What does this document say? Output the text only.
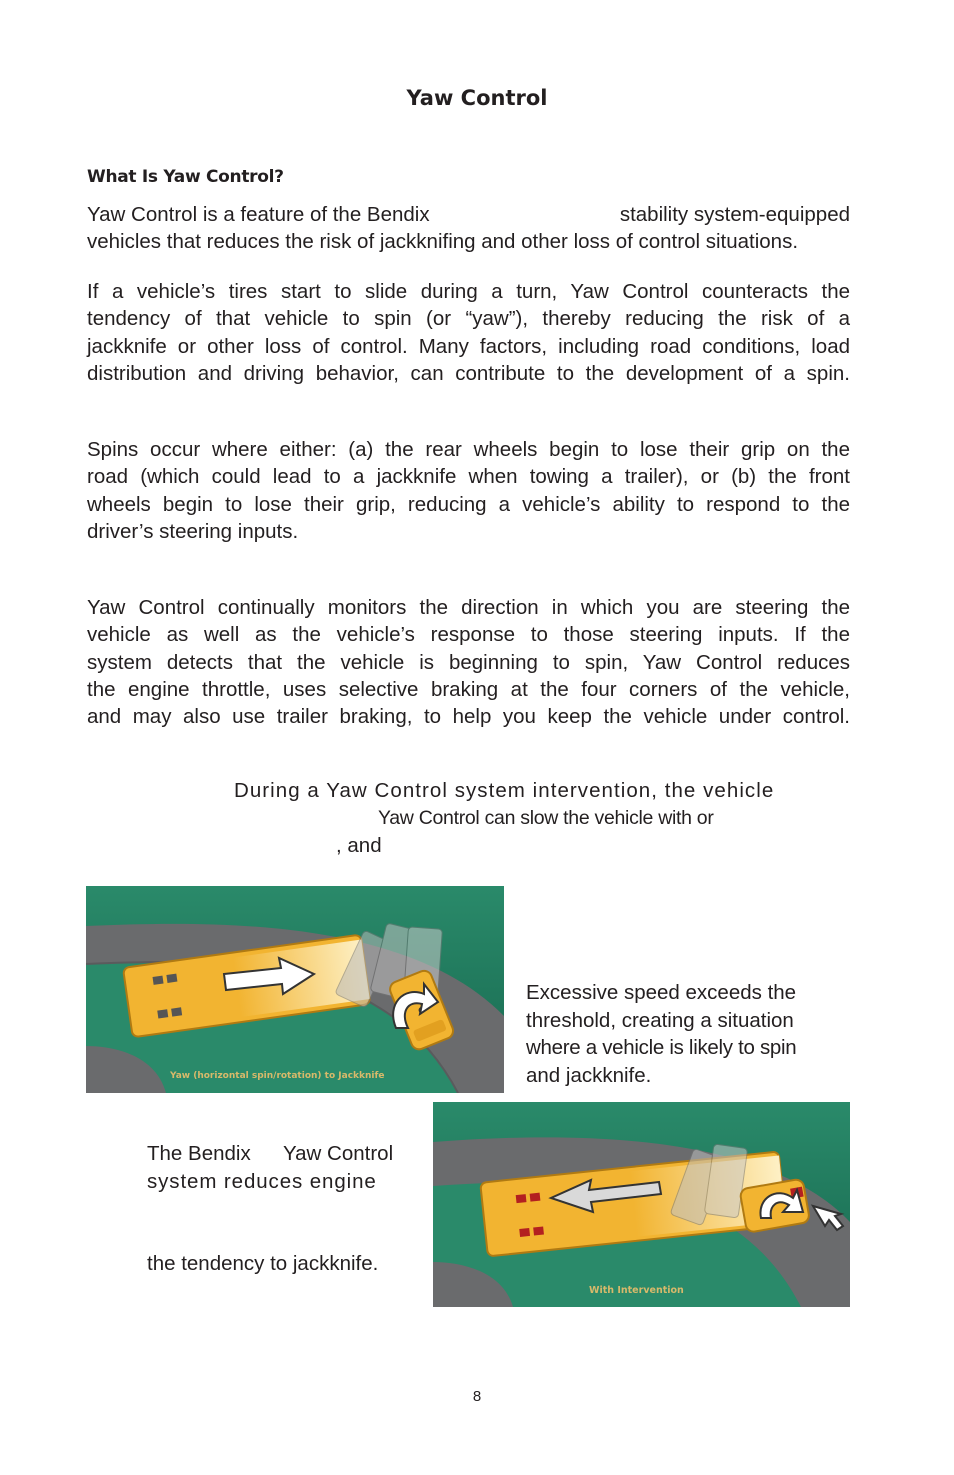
Yaw Control
What Is Yaw Control?
Yaw Control is a feature of the Bendix	stability system-equipped
vehicles that reduces the risk of jackknifing and other loss of control situations.
If a vehicle’s tires start to slide during a turn, Yaw Control counteracts the
tendency of that vehicle to spin (or “yaw”), thereby reducing the risk of a
jackknife or other loss of control. Many factors, including road conditions, load
distribution and driving behavior, can contribute to the development of a spin.
Spins occur where either: (a) the rear wheels begin to lose their grip on the
road (which could lead to a jackknife when towing a trailer), or (b) the front
wheels begin to lose their grip, reducing a vehicle’s ability to respond to the
driver’s steering inputs.
Yaw Control continually monitors the direction in which you are steering the
vehicle as well as the vehicle’s response to those steering inputs. If the
system detects that the vehicle is beginning to spin, Yaw Control reduces
the engine throttle, uses selective braking at the four corners of the vehicle,
and may also use trailer braking, to help you keep the vehicle under control.
During a Yaw Control system intervention, the vehicle
Yaw Control can slow the vehicle with or
, and
Yaw (horizontal spin/rotation) to Jackknife
Excessive speed exceeds the
threshold, creating a situation
where a vehicle is likely to spin
and jackknife.
With Intervention
The Bendix Yaw Control
system reduces engine
the tendency to jackknife.
8
